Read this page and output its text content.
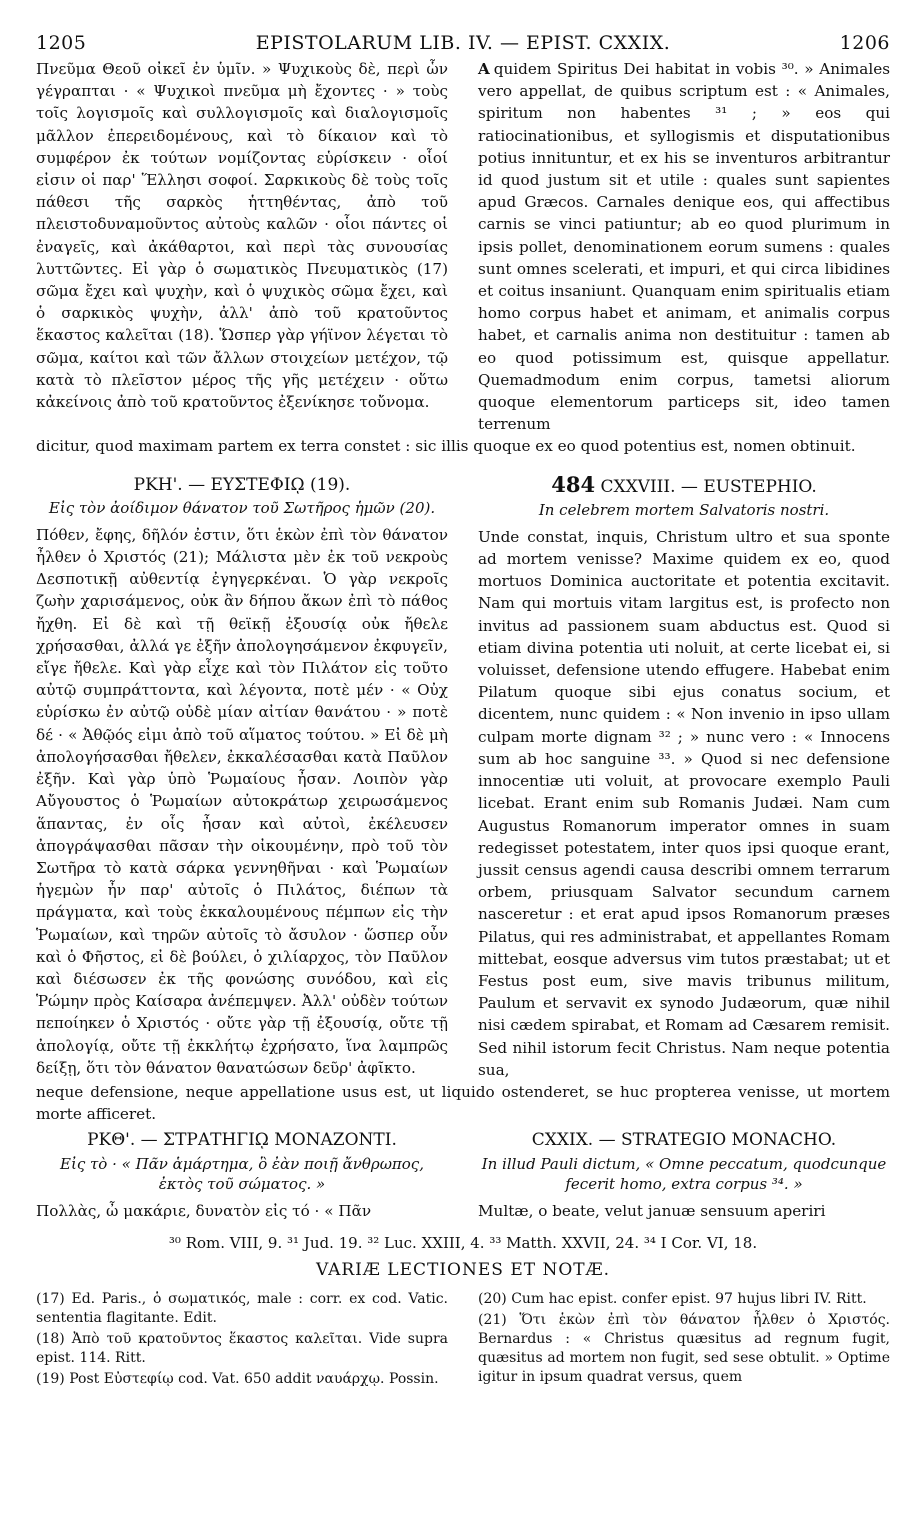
1205	EPISTOLARUM LIB. IV. — EPIST. CXXIX.	1206

Πνεῦμα Θεοῦ οἰκεῖ ἐν ὑμῖν. » Ψυχικοὺς δὲ, περὶ ὧν γέγραπται · « Ψυχικοὶ πνεῦμα μὴ ἔχοντες · » τοὺς τοῖς λογισμοῖς καὶ συλλογισμοῖς καὶ διαλογισμοῖς μᾶλλον ἐπερειδομένους, καὶ τὸ δίκαιον καὶ τὸ συμφέρον ἐκ τούτων νομίζοντας εὑρίσκειν · οἷοί εἰσιν οἱ παρ' Ἕλλησι σοφοί. Σαρκικοὺς δὲ τοὺς τοῖς πάθεσι τῆς σαρκὸς ἡττηθέντας, ἀπὸ τοῦ πλειστοδυναμοῦντος αὐτοὺς καλῶν · οἷοι πάντες οἱ ἐναγεῖς, καὶ ἀκάθαρτοι, καὶ περὶ τὰς συνουσίας λυττῶντες. Εἰ γὰρ ὁ σωματικὸς Πνευματικὸς (17) σῶμα ἔχει καὶ ψυχὴν, καὶ ὁ ψυχικὸς σῶμα ἔχει, καὶ ὁ σαρκικὸς ψυχὴν, ἀλλ' ἀπὸ τοῦ κρατοῦντος ἕκαστος καλεῖται (18). Ὥσπερ γὰρ γήϊνον λέγεται τὸ σῶμα, καίτοι καὶ τῶν ἄλλων στοιχείων μετέχον, τῷ κατὰ τὸ πλεῖστον μέρος τῆς γῆς μετέχειν · οὕτω κἀκείνοις ἀπὸ τοῦ κρατοῦντος ἐξενίκησε τοὔνομα.

A quidem Spiritus Dei habitat in vobis ³⁰. » Animales vero appellat, de quibus scriptum est : « Animales, spiritum non habentes ³¹ ; » eos qui ratiocinationibus, et syllogismis et disputationibus potius innituntur, et ex his se inventuros arbitrantur id quod justum sit et utile : quales sunt sapientes apud Græcos. Carnales denique eos, qui affectibus carnis se vinci patiuntur; ab eo quod plurimum in ipsis pollet, denominationem eorum sumens : quales sunt omnes scelerati, et impuri, et qui circa libidines et coitus insaniunt. Quanquam enim spiritualis etiam homo corpus habet et animam, et animalis corpus habet, et carnalis anima non destituitur : tamen ab eo quod potissimum est, quisque appellatur. Quemadmodum enim corpus, tametsi aliorum quoque elementorum particeps sit, ideo tamen terrenum

dicitur, quod maximam partem ex terra constet : sic illis quoque ex eo quod potentius est, nomen obtinuit.

ΡΚΗ'. — ΕΥΣΤΕΦΙῼ (19).
Εἰς τὸν ἀοίδιμον θάνατον τοῦ Σωτῆρος ἡμῶν (20).

Πόθεν, ἔφης, δῆλόν ἐστιν, ὅτι ἑκὼν ἐπὶ τὸν θάνατον ἦλθεν ὁ Χριστός (21); Μάλιστα μὲν ἐκ τοῦ νεκροὺς Δεσποτικῇ αὐθεντίᾳ ἐγηγερκέναι. Ὁ γὰρ νεκροῖς ζωὴν χαρισάμενος, οὐκ ἂν δήπου ἄκων ἐπὶ τὸ πάθος ἤχθη. Εἰ δὲ καὶ τῇ θεϊκῇ ἐξουσίᾳ οὐκ ἤθελε χρήσασθαι, ἀλλά γε ἐξῆν ἀπολογησάμενον ἐκφυγεῖν, εἴγε ἤθελε. Καὶ γὰρ εἶχε καὶ τὸν Πιλάτον εἰς τοῦτο αὐτῷ συμπράττοντα, καὶ λέγοντα, ποτὲ μέν · « Οὐχ εὑρίσκω ἐν αὐτῷ οὐδὲ μίαν αἰτίαν θανάτου · » ποτὲ δέ · « Ἀθῷός εἰμι ἀπὸ τοῦ αἵματος τούτου. » Εἰ δὲ μὴ ἀπολογήσασθαι ἤθελεν, ἐκκαλέσασθαι κατὰ Παῦλον ἐξῆν. Καὶ γὰρ ὑπὸ Ῥωμαίους ἦσαν. Λοιπὸν γὰρ Αὔγουστος ὁ Ῥωμαίων αὐτοκράτωρ χειρωσάμενος ἅπαντας, ἐν οἷς ἦσαν καὶ αὐτοὶ, ἐκέλευσεν ἀπογράψασθαι πᾶσαν τὴν οἰκουμένην, πρὸ τοῦ τὸν Σωτῆρα τὸ κατὰ σάρκα γεννηθῆναι · καὶ Ῥωμαίων ἡγεμὼν ἦν παρ' αὐτοῖς ὁ Πιλάτος, διέπων τὰ πράγματα, καὶ τοὺς ἐκκαλουμένους πέμπων εἰς τὴν Ῥωμαίων, καὶ τηρῶν αὐτοῖς τὸ ἄσυλον · ὥσπερ οὖν καὶ ὁ Φῆστος, εἰ δὲ βούλει, ὁ χιλίαρχος, τὸν Παῦλον καὶ διέσωσεν ἐκ τῆς φονώσης συνόδου, καὶ εἰς Ῥώμην πρὸς Καίσαρα ἀνέπεμψεν. Ἀλλ' οὐδὲν τούτων πεποίηκεν ὁ Χριστός · οὔτε γὰρ τῇ ἐξουσίᾳ, οὔτε τῇ ἀπολογίᾳ, οὔτε τῇ ἐκκλήτῳ ἐχρήσατο, ἵνα λαμπρῶς δείξῃ, ὅτι τὸν θάνατον θανατώσων δεῦρ' ἀφῖκτο.

484 CXXVIII. — EUSTEPHIO.
In celebrem mortem Salvatoris nostri.

Unde constat, inquis, Christum ultro et sua sponte ad mortem venisse? Maxime quidem ex eo, quod mortuos Dominica auctoritate et potentia excitavit. Nam qui mortuis vitam largitus est, is profecto non invitus ad passionem suam abductus est. Quod si etiam divina potentia uti noluit, at certe licebat ei, si voluisset, defensione utendo effugere. Habebat enim Pilatum quoque sibi ejus conatus socium, et dicentem, nunc quidem : « Non invenio in ipso ullam culpam morte dignam ³² ; » nunc vero : « Innocens sum ab hoc sanguine ³³. » Quod si nec defensione innocentiæ uti voluit, at provocare exemplo Pauli licebat. Erant enim sub Romanis Judæi. Nam cum Augustus Romanorum imperator omnes in suam redegisset potestatem, inter quos ipsi quoque erant, jussit census agendi causa describi omnem terrarum orbem, priusquam Salvator secundum carnem nasceretur : et erat apud ipsos Romanorum præses Pilatus, qui res administrabat, et appellantes Romam mittebat, eosque adversus vim tutos præstabat; ut et Festus post eum, sive mavis tribunus militum, Paulum et servavit ex synodo Judæorum, quæ nihil nisi cædem spirabat, et Romam ad Cæsarem remisit. Sed nihil istorum fecit Christus. Nam neque potentia sua,

neque defensione, neque appellatione usus est, ut liquido ostenderet, se huc propterea venisse, ut mortem morte afficeret.

ΡΚΘ'. — ΣΤΡΑΤΗΓΙῼ ΜΟΝΑΖΟΝΤΙ.
Εἰς τὸ · « Πᾶν ἁμάρτημα, ὃ ἐὰν ποιῇ ἄνθρωπος, ἐκτὸς τοῦ σώματος. »

Πολλὰς, ὦ μακάριε, δυνατὸν εἰς τό · « Πᾶν

CXXIX. — STRATEGIO MONACHO.
In illud Pauli dictum, « Omne peccatum, quodcunque fecerit homo, extra corpus ³⁴. »

Multæ, o beate, velut januæ sensuum aperiri

³⁰ Rom. VIII, 9. ³¹ Jud. 19. ³² Luc. XXIII, 4. ³³ Matth. XXVII, 24. ³⁴ I Cor. VI, 18.
VARIÆ LECTIONES ET NOTÆ.

(17) Ed. Paris., ὁ σωματικός, male : corr. ex cod. Vatic. sententia flagitante. Edit.

(18) Ἀπὸ τοῦ κρατοῦντος ἕκαστος καλεῖται. Vide supra epist. 114. Ritt.

(19) Post Εὐστεφίῳ cod. Vat. 650 addit ναυάρχῳ. Possin.

(20) Cum hac epist. confer epist. 97 hujus libri IV. Ritt.

(21) Ὅτι ἑκὼν ἐπὶ τὸν θάνατον ἦλθεν ὁ Χριστός. Bernardus : « Christus quæsitus ad regnum fugit, quæsitus ad mortem non fugit, sed sese obtulit. » Optime igitur in ipsum quadrat versus, quem
